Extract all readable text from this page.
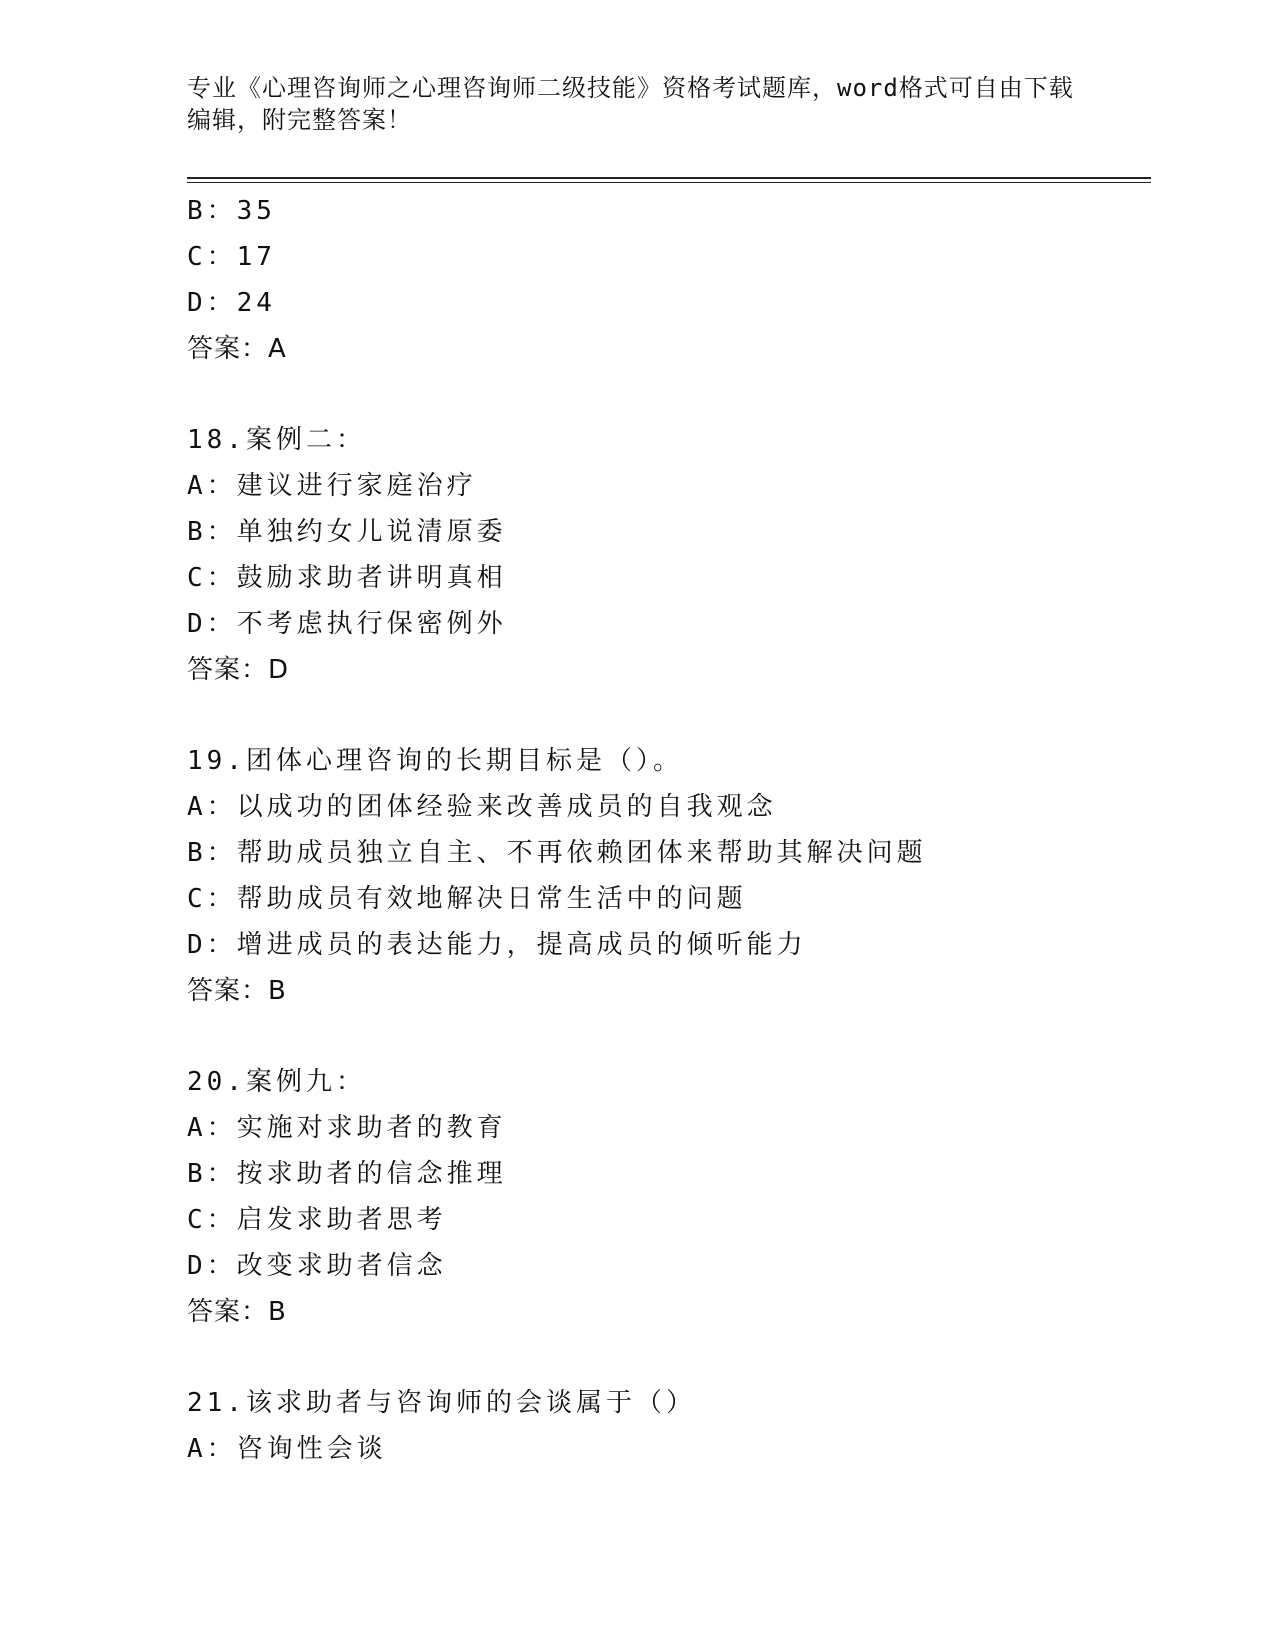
专业《心理咨询师之心理咨询师二级技能》资格考试题库，word格式可自由下载
编辑，附完整答案！
B：35
C：17
D：24
答案：A
18.案例二：
A：建议进行家庭治疗
B：单独约女儿说清原委
C：鼓励求助者讲明真相
D：不考虑执行保密例外
答案：D
19.团体心理咨询的长期目标是（）。
A：以成功的团体经验来改善成员的自我观念
B：帮助成员独立自主、不再依赖团体来帮助其解决问题
C：帮助成员有效地解决日常生活中的问题
D：增进成员的表达能力，提高成员的倾听能力
答案：B
20.案例九：
A：实施对求助者的教育
B：按求助者的信念推理
C：启发求助者思考
D：改变求助者信念
答案：B
21.该求助者与咨询师的会谈属于（）
A：咨询性会谈
